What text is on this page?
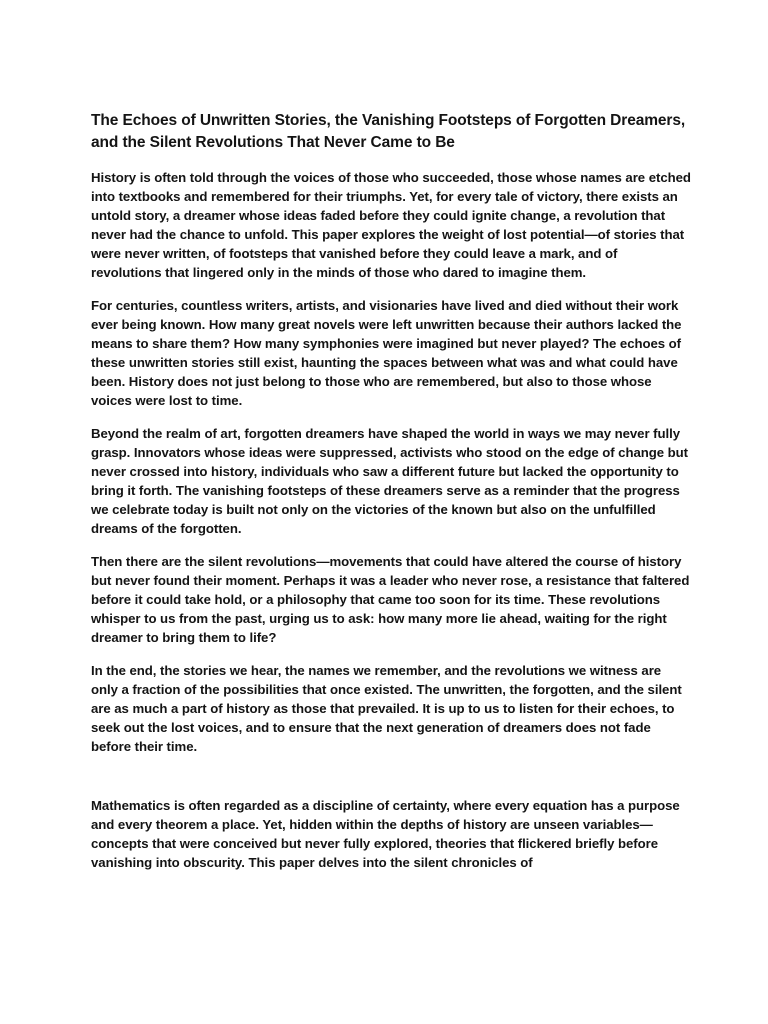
The Echoes of Unwritten Stories, the Vanishing Footsteps of Forgotten Dreamers, and the Silent Revolutions That Never Came to Be

History is often told through the voices of those who succeeded, those whose names are etched into textbooks and remembered for their triumphs. Yet, for every tale of victory, there exists an untold story, a dreamer whose ideas faded before they could ignite change, a revolution that never had the chance to unfold. This paper explores the weight of lost potential—of stories that were never written, of footsteps that vanished before they could leave a mark, and of revolutions that lingered only in the minds of those who dared to imagine them.

For centuries, countless writers, artists, and visionaries have lived and died without their work ever being known. How many great novels were left unwritten because their authors lacked the means to share them? How many symphonies were imagined but never played? The echoes of these unwritten stories still exist, haunting the spaces between what was and what could have been. History does not just belong to those who are remembered, but also to those whose voices were lost to time.

Beyond the realm of art, forgotten dreamers have shaped the world in ways we may never fully grasp. Innovators whose ideas were suppressed, activists who stood on the edge of change but never crossed into history, individuals who saw a different future but lacked the opportunity to bring it forth. The vanishing footsteps of these dreamers serve as a reminder that the progress we celebrate today is built not only on the victories of the known but also on the unfulfilled dreams of the forgotten.

Then there are the silent revolutions—movements that could have altered the course of history but never found their moment. Perhaps it was a leader who never rose, a resistance that faltered before it could take hold, or a philosophy that came too soon for its time. These revolutions whisper to us from the past, urging us to ask: how many more lie ahead, waiting for the right dreamer to bring them to life?

In the end, the stories we hear, the names we remember, and the revolutions we witness are only a fraction of the possibilities that once existed. The unwritten, the forgotten, and the silent are as much a part of history as those that prevailed. It is up to us to listen for their echoes, to seek out the lost voices, and to ensure that the next generation of dreamers does not fade before their time.

Mathematics is often regarded as a discipline of certainty, where every equation has a purpose and every theorem a place. Yet, hidden within the depths of history are unseen variables—concepts that were conceived but never fully explored, theories that flickered briefly before vanishing into obscurity. This paper delves into the silent chronicles of
